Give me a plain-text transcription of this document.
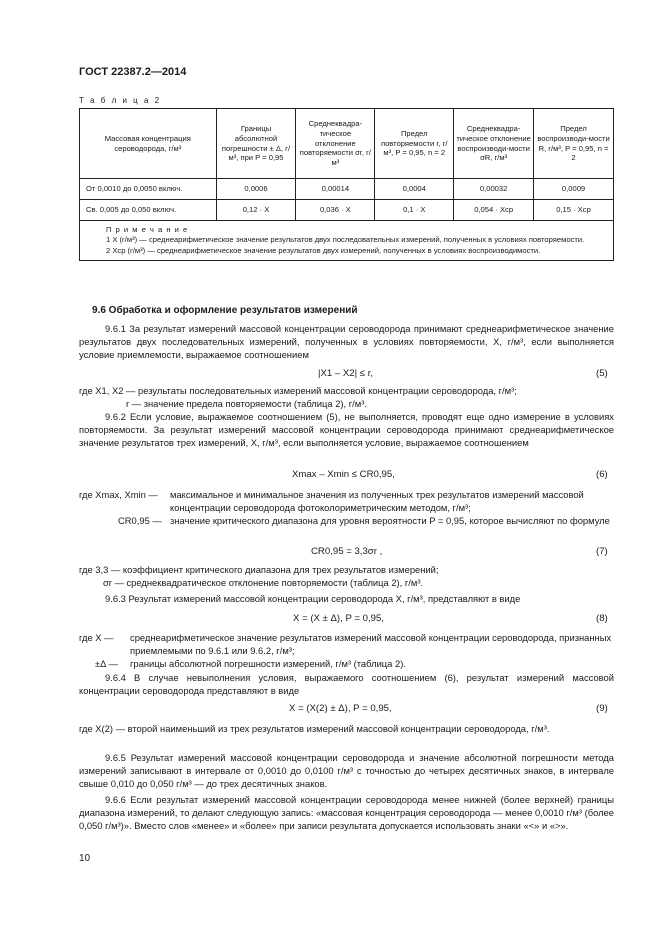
ГОСТ 22387.2—2014
Т а б л и ц а 2
Массовая концентрация сероводорода, г/м³	Границы абсолютной погрешности ± Δ, г/м³, при P = 0,95	Среднеквадра-тическое отклонение повторяемости σr, г/м³	Предел повторяемости r, г/м³, P = 0,95, n = 2	Среднеквадра-тическое отклонение воспроизводи-мости σR, г/м³	Предел воспроизводи-мости R, г/м³, P = 0,95, n = 2
От 0,0010 до 0,0050 включ.	0,0006	0,00014	0,0004	0,00032	0,0009
Св. 0,005 до 0,050 включ.	0,12 · X	0,036 · X	0,1 · X	0,054 · Xср	0,15 · Xср

П р и м е ч а н и е
1 X (г/м³) — среднеарифметическое значение результатов двух последовательных измерений, полученных в условиях повторяемости.
2 Xср (г/м³) — среднеарифметическое значение результатов двух измерений, полученных в условиях воспроизводимости.					
9.6 Обработка и оформление результатов измерений
9.6.1 За результат измерений массовой концентрации сероводорода принимают среднеарифметическое значение результатов двух последовательных измерений, полученных в условиях повторяемости, X, г/м³, если выполняется условие приемлемости, выражаемое соотношением
|X1 – X2| ≤ r,	(5)
где X1, X2 — результаты последовательных измерений массовой концентрации сероводорода, г/м³;
r — значение предела повторяемости (таблица 2), г/м³.
9.6.2 Если условие, выражаемое соотношением (5), не выполняется, проводят еще одно измерение в условиях повторяемости. За результат измерений массовой концентрации сероводорода принимают среднеарифметическое значение результатов трех измерений, X, г/м³, если выполняется условие, выражаемое соотношением
Xmax – Xmin ≤ CR0,95,	(6)
где Xmax, Xmin —	максимальное и минимальное значения из полученных трех результатов измерений массовой концентрации сероводорода фотоколориметрическим методом, г/м³;
CR0,95 — значение критического диапазона для уровня вероятности P = 0,95, которое вычисляют по формуле
CR0,95 = 3,3σr ,	(7)
где 3,3 — коэффициент критического диапазона для трех результатов измерений;
σr — среднеквадратическое отклонение повторяемости (таблица 2), г/м³.
9.6.3 Результат измерений массовой концентрации сероводорода X, г/м³, представляют в виде
X = (X ± Δ), P = 0,95,	(8)
где X —	среднеарифметическое значение результатов измерений массовой концентрации сероводорода, признанных приемлемыми по 9.6.1 или 9.6.2, г/м³;
±Δ —	границы абсолютной погрешности измерений, г/м³ (таблица 2).
9.6.4 В случае невыполнения условия, выражаемого соотношением (6), результат измерений массовой концентрации сероводорода представляют в виде
X = (X(2) ± Δ), P = 0,95,	(9)
где X(2) — второй наименьший из трех результатов измерений массовой концентрации сероводорода, г/м³.
9.6.5 Результат измерений массовой концентрации сероводорода и значение абсолютной погрешности метода измерений записывают в интервале от 0,0010 до 0,0100 г/м³ с точностью до четырех десятичных знаков, в интервале свыше 0,010 до 0,050 г/м³ — до трех десятичных знаков.
9.6.6 Если результат измерений массовой концентрации сероводорода менее нижней (более верхней) границы диапазона измерений, то делают следующую запись: «массовая концентрация сероводорода — менее 0,0010 г/м³ (более 0,050 г/м³)». Вместо слов «менее» и «более» при записи результата допускается использовать знаки «<» и «>».
10
